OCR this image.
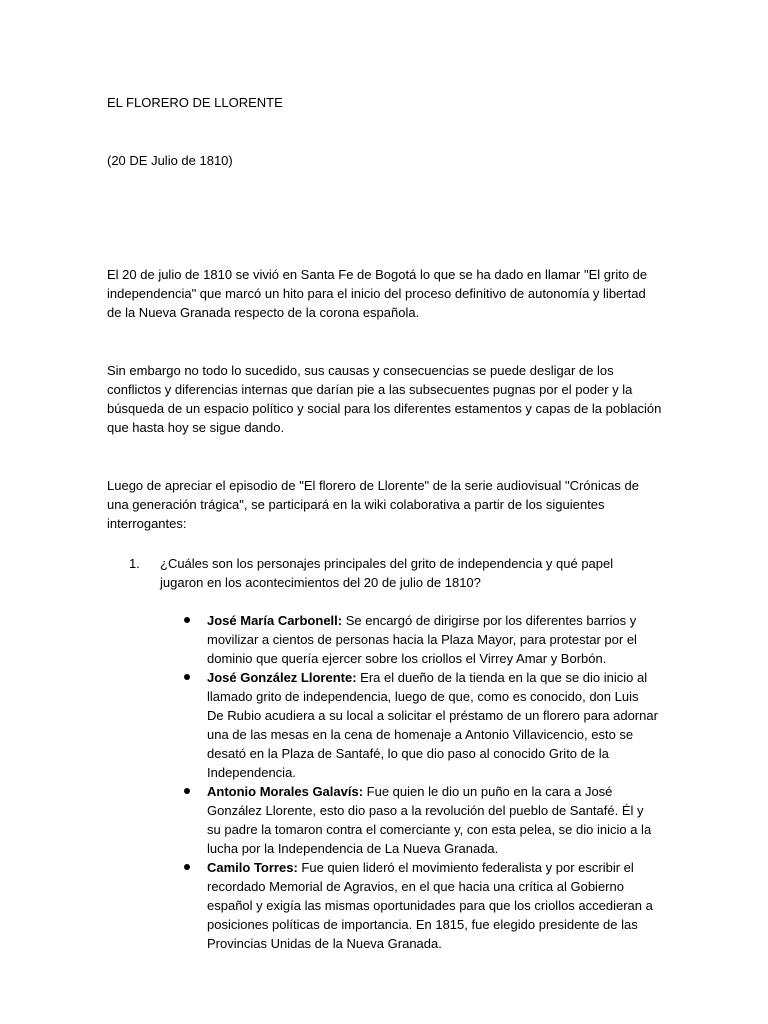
EL FLORERO DE LLORENTE

(20 DE Julio de 1810)

El 20 de julio de 1810 se vivió en Santa Fe de Bogotá lo que se ha dado en llamar "El grito de independencia" que marcó un hito para el inicio del proceso definitivo de autonomía y libertad de la Nueva Granada respecto de la corona española.

Sin embargo no todo lo sucedido, sus causas y consecuencias se puede desligar de los conflictos y diferencias internas que darían pie a las subsecuentes pugnas por el poder y la búsqueda de un espacio político y social para los diferentes estamentos y capas de la población que hasta hoy se sigue dando.

Luego de apreciar el episodio de "El florero de Llorente" de la serie audiovisual "Crónicas de una generación trágica", se participará en la wiki colaborativa a partir de los siguientes interrogantes:

1. ¿Cuáles son los personajes principales del grito de independencia y qué papel jugaron en los acontecimientos del 20 de julio de 1810?
José María Carbonell: Se encargó de dirigirse por los diferentes barrios y movilizar a cientos de personas hacia la Plaza Mayor, para protestar por el dominio que quería ejercer sobre los criollos el Virrey Amar y Borbón.
José González Llorente: Era el dueño de la tienda en la que se dio inicio al llamado grito de independencia, luego de que, como es conocido, don Luis De Rubio acudiera a su local a solicitar el préstamo de un florero para adornar una de las mesas en la cena de homenaje a Antonio Villavicencio, esto se desató en la Plaza de Santafé, lo que dio paso al conocido Grito de la Independencia.
Antonio Morales Galavís: Fue quien le dio un puño en la cara a José González Llorente, esto dio paso a la revolución del pueblo de Santafé. Él y su padre la tomaron contra el comerciante y, con esta pelea, se dio inicio a la lucha por la Independencia de La Nueva Granada.
Camilo Torres: Fue quien lideró el movimiento federalista y por escribir el recordado Memorial de Agravios, en el que hacia una crítica al Gobierno español y exigía las mismas oportunidades para que los criollos accedieran a posiciones políticas de importancia. En 1815, fue elegido presidente de las Provincias Unidas de la Nueva Granada.
